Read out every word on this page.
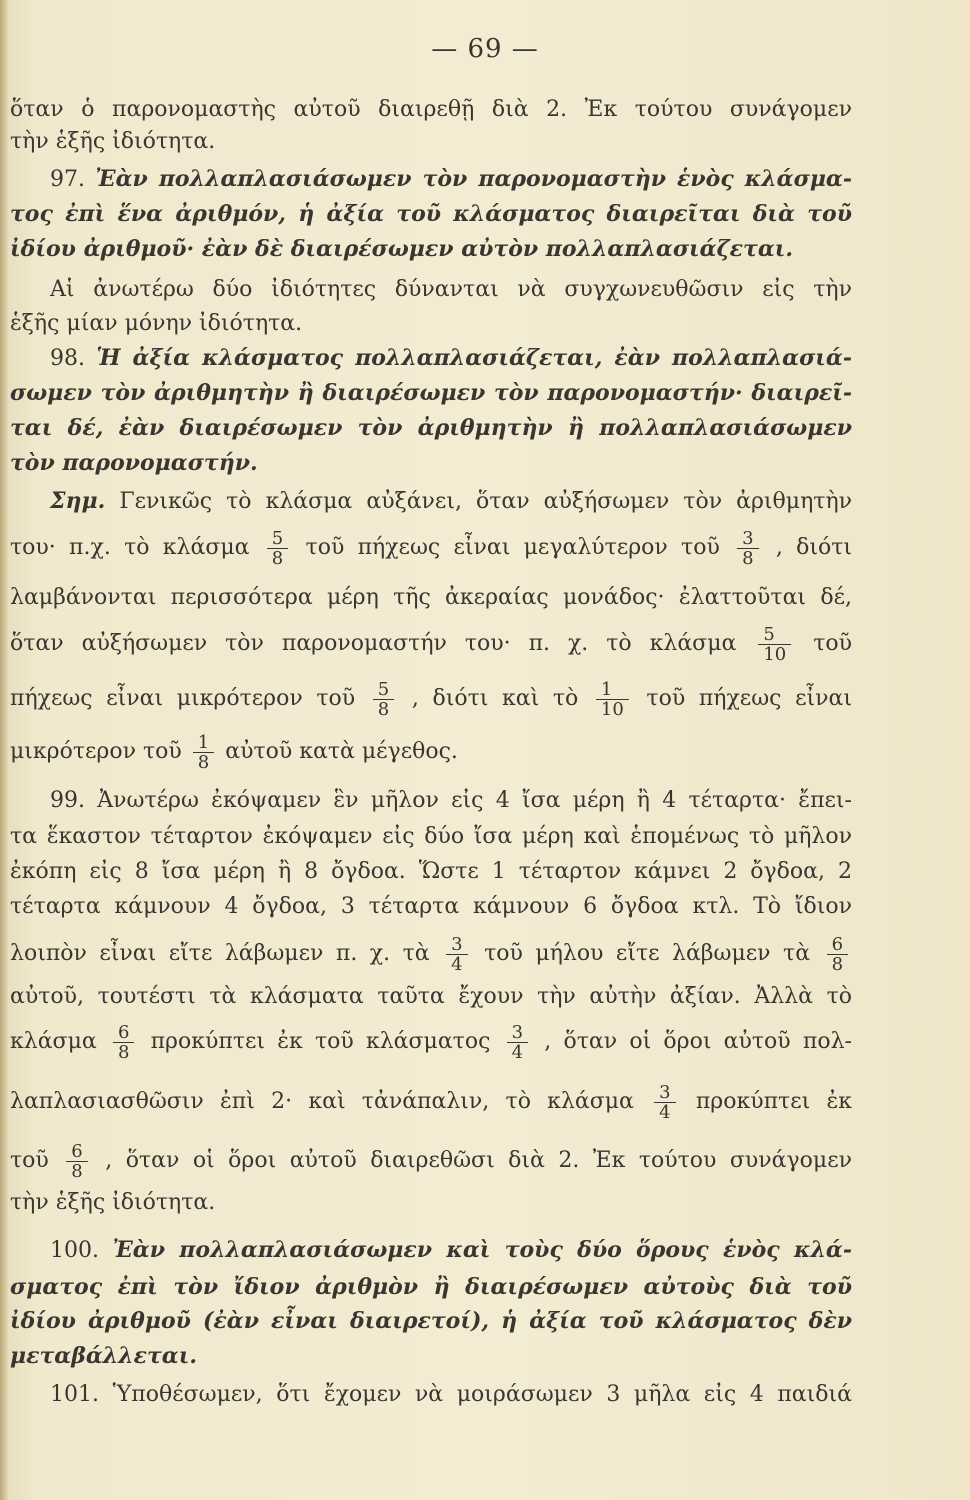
— 69 —
ὅταν ὁ παρονομαστὴς αὐτοῦ διαιρεθῇ διὰ 2. Ἐκ τούτου συνάγομεν
τὴν ἑξῆς ἰδιότητα.
97. Ἐὰν πολλαπλασιάσωμεν τὸν παρονομαστὴν ἑνὸς κλάσμα-
τος ἐπὶ ἕνα ἀριθμόν, ἡ ἀξία τοῦ κλάσματος διαιρεῖται διὰ τοῦ
ἰδίου ἀριθμοῦ· ἐὰν δὲ διαιρέσωμεν αὐτὸν πολλαπλασιάζεται.
Αἱ ἀνωτέρω δύο ἰδιότητες δύνανται νὰ συγχωνευθῶσιν εἰς τὴν
ἑξῆς μίαν μόνην ἰδιότητα.
98. Ἡ ἀξία κλάσματος πολλαπλασιάζεται, ἐὰν πολλαπλασιά-
σωμεν τὸν ἀριθμητὴν ἢ διαιρέσωμεν τὸν παρονομαστήν· διαιρεῖ-
ται δέ, ἐὰν διαιρέσωμεν τὸν ἀριθμητὴν ἢ πολλαπλασιάσωμεν
τὸν παρονομαστήν.
Σημ. Γενικῶς τὸ κλάσμα αὐξάνει, ὅταν αὐξήσωμεν τὸν ἀριθμητὴν
του· π.χ. τὸ κλάσμα $\frac{5}{8}$ τοῦ πήχεως εἶναι μεγαλύτερον τοῦ $\frac{3}{8}$ , διότι
λαμβάνονται περισσότερα μέρη τῆς ἀκεραίας μονάδος· ἐλαττοῦται δέ,
ὅταν αὐξήσωμεν τὸν παρονομαστήν του· π. χ. τὸ κλάσμα $\frac{5}{10}$ τοῦ
πήχεως εἶναι μικρότερον τοῦ $\frac{5}{8}$ , διότι καὶ τὸ $\frac{1}{10}$ τοῦ πήχεως εἶναι
μικρότερον τοῦ $\frac{1}{8}$ αὐτοῦ κατὰ μέγεθος.
99. Ἀνωτέρω ἐκόψαμεν ἓν μῆλον εἰς 4 ἴσα μέρη ἢ 4 τέταρτα· ἔπει-
τα ἕκαστον τέταρτον ἐκόψαμεν εἰς δύο ἴσα μέρη καὶ ἑπομένως τὸ μῆλον
ἐκόπη εἰς 8 ἴσα μέρη ἢ 8 ὄγδοα. Ὥστε 1 τέταρτον κάμνει 2 ὄγδοα, 2
τέταρτα κάμνουν 4 ὄγδοα, 3 τέταρτα κάμνουν 6 ὄγδοα κτλ. Τὸ ἴδιον
λοιπὸν εἶναι εἴτε λάβωμεν π. χ. τὰ $\frac{3}{4}$ τοῦ μήλου εἴτε λάβωμεν τὰ $\frac{6}{8}$
αὐτοῦ, τουτέστι τὰ κλάσματα ταῦτα ἔχουν τὴν αὐτὴν ἀξίαν. Ἀλλὰ τὸ
κλάσμα $\frac{6}{8}$ προκύπτει ἐκ τοῦ κλάσματος $\frac{3}{4}$ , ὅταν οἱ ὅροι αὐτοῦ πολ-
λαπλασιασθῶσιν ἐπὶ 2· καὶ τἀνάπαλιν, τὸ κλάσμα $\frac{3}{4}$ προκύπτει ἐκ
τοῦ $\frac{6}{8}$ , ὅταν οἱ ὅροι αὐτοῦ διαιρεθῶσι διὰ 2. Ἐκ τούτου συνάγομεν
τὴν ἑξῆς ἰδιότητα.
100. Ἐὰν πολλαπλασιάσωμεν καὶ τοὺς δύο ὅρους ἑνὸς κλά-
σματος ἐπὶ τὸν ἴδιον ἀριθμὸν ἢ διαιρέσωμεν αὐτοὺς διὰ τοῦ
ἰδίου ἀριθμοῦ (ἐὰν εἶναι διαιρετοί), ἡ ἀξία τοῦ κλάσματος δὲν
μεταβάλλεται.
101. Ὑποθέσωμεν, ὅτι ἔχομεν νὰ μοιράσωμεν 3 μῆλα εἰς 4 παιδιά
